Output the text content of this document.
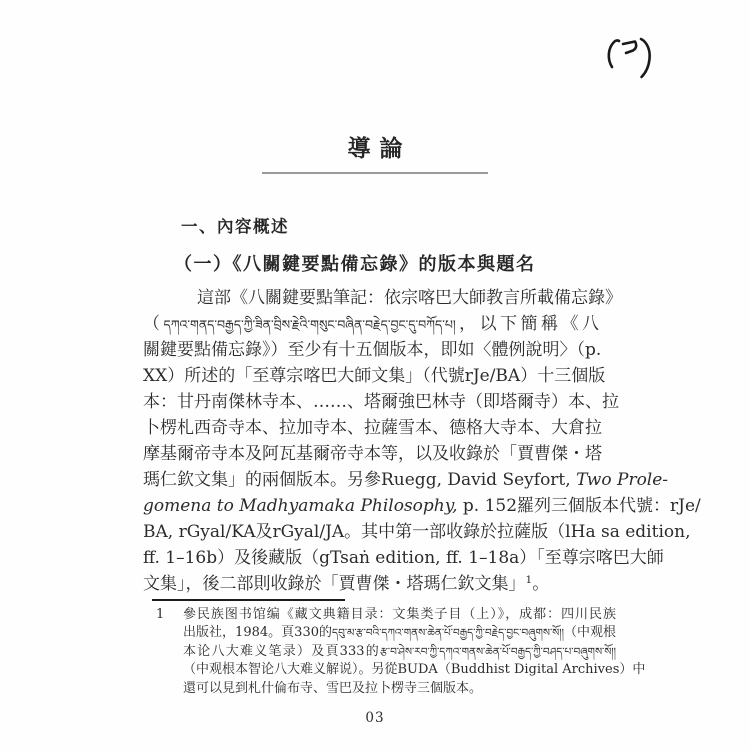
導論
一、內容概述
（一）《八關鍵要點備忘錄》的版本與題名
這部《八關鍵要點筆記：依宗喀巴大師教言所載備忘錄》
（དཀའ་གནད་བརྒྱད་ཀྱི་ཟིན་བྲིས་རྗེའི་གསུང་བཞིན་བརྗེད་བྱང་དུ་བཀོད་པ།，以下簡稱《八
關鍵要點備忘錄》）至少有十五個版本，即如〈體例說明〉（p.
XX）所述的「至尊宗喀巴大師文集」（代號rJe/BA）十三個版
本：甘丹南傑林寺本、……、塔爾強巴林寺（即塔爾寺）本、拉
卜楞札西奇寺本、拉加寺本、拉薩雪本、德格大寺本、大倉拉
摩基爾帝寺本及阿瓦基爾帝寺本等，以及收錄於「賈曹傑・塔
瑪仁欽文集」的兩個版本。另參Ruegg, David Seyfort, Two Prole-
gomena to Madhyamaka Philosophy, p. 152羅列三個版本代號：rJe/
BA, rGyal/KA及rGyal/JA。其中第一部收錄於拉薩版（lHa sa edition,
ff. 1–16b）及後藏版（gTsaṅ edition, ff. 1–18a）「至尊宗喀巴大師
文集」，後二部則收錄於「賈曹傑・塔瑪仁欽文集」$^1$。
1 參民族图书馆编《藏文典籍目录：文集类子目（上）》，成都：四川民族
出版社，1984。頁330的དབུ་མ་རྩ་བའི་དཀའ་གནས་ཆེན་པོ་བརྒྱད་ཀྱི་བརྗེད་བྱང་བཞུགས་སོ།།（中观根
本论八大难义笔录）及頁333的རྩ་བ་ཤེས་རབ་ཀྱི་དཀའ་གནས་ཆེན་པོ་བརྒྱད་ཀྱི་བཤད་པ་བཞུགས་སོ།།
（中观根本智论八大难义解说）。另從BUDA（Buddhist Digital Archives）中
還可以見到札什倫布寺、雪巴及拉卜楞寺三個版本。
03
